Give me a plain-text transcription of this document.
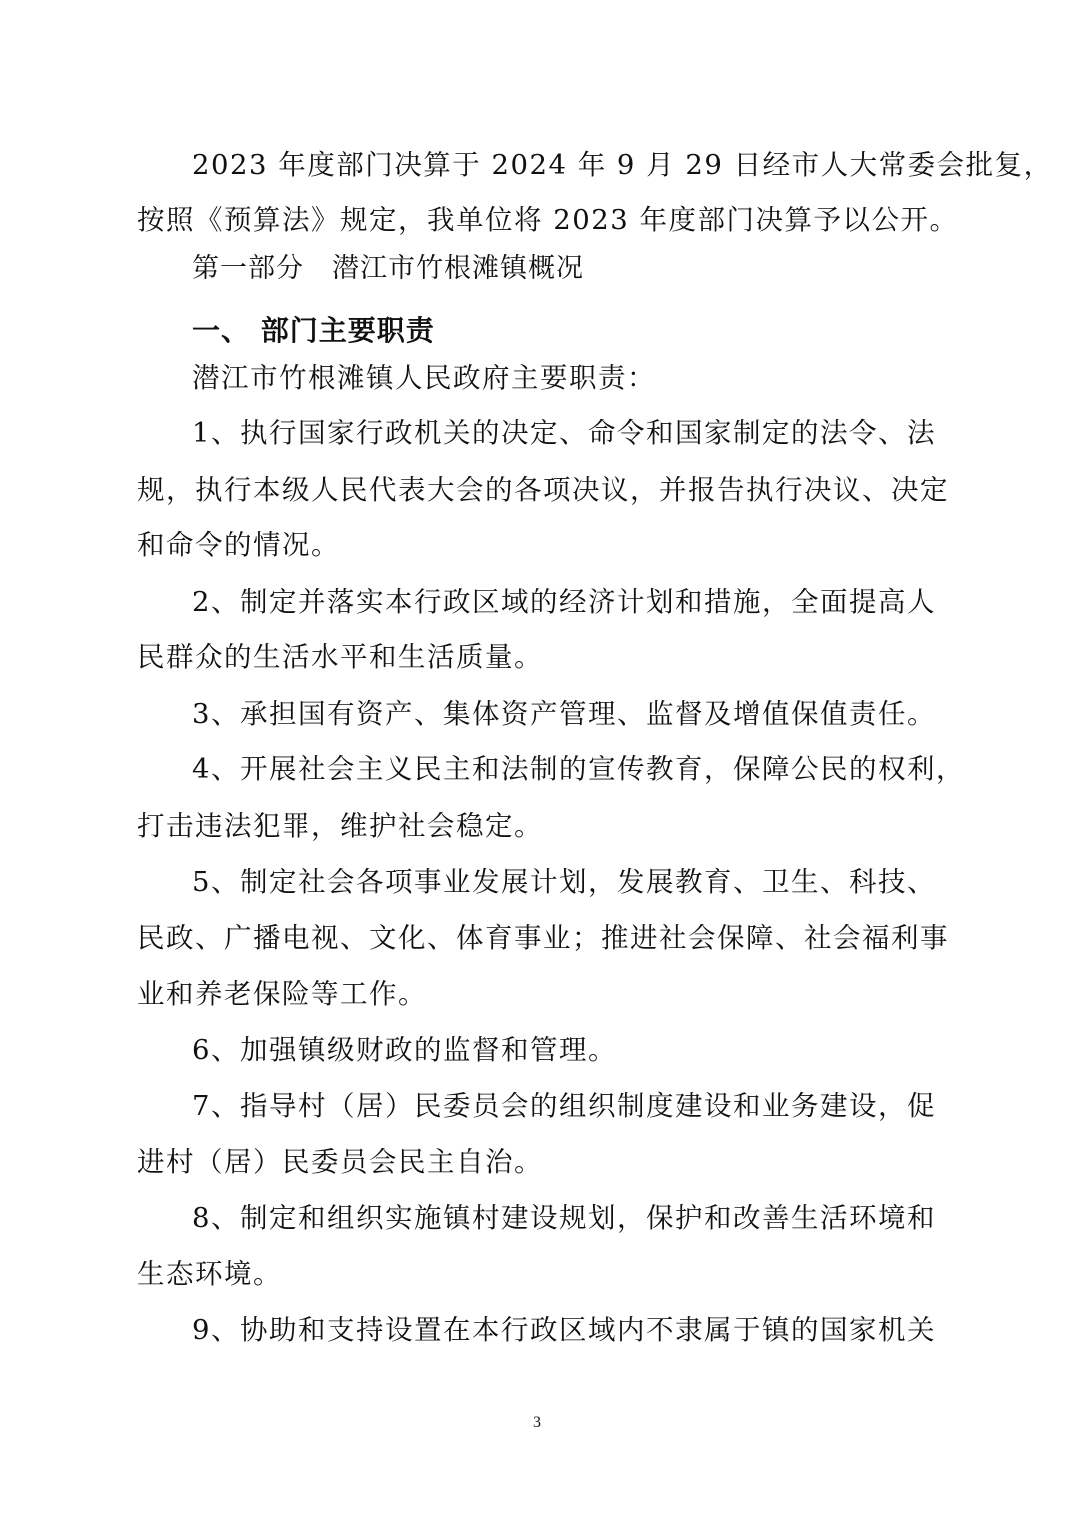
2023 年度部门决算于 2024 年 9 月 29 日经市人大常委会批复，
按照《预算法》规定，我单位将 2023 年度部门决算予以公开。
第一部分　潜江市竹根滩镇概况
一、 部门主要职责
潜江市竹根滩镇人民政府主要职责：
1、执行国家行政机关的决定、命令和国家制定的法令、法
规，执行本级人民代表大会的各项决议，并报告执行决议、决定
和命令的情况。
2、制定并落实本行政区域的经济计划和措施，全面提高人
民群众的生活水平和生活质量。
3、承担国有资产、集体资产管理、监督及增值保值责任。
4、开展社会主义民主和法制的宣传教育，保障公民的权利，
打击违法犯罪，维护社会稳定。
5、制定社会各项事业发展计划，发展教育、卫生、科技、
民政、广播电视、文化、体育事业；推进社会保障、社会福利事
业和养老保险等工作。
6、加强镇级财政的监督和管理。
7、指导村（居）民委员会的组织制度建设和业务建设，促
进村（居）民委员会民主自治。
8、制定和组织实施镇村建设规划，保护和改善生活环境和
生态环境。
9、协助和支持设置在本行政区域内不隶属于镇的国家机关
3
